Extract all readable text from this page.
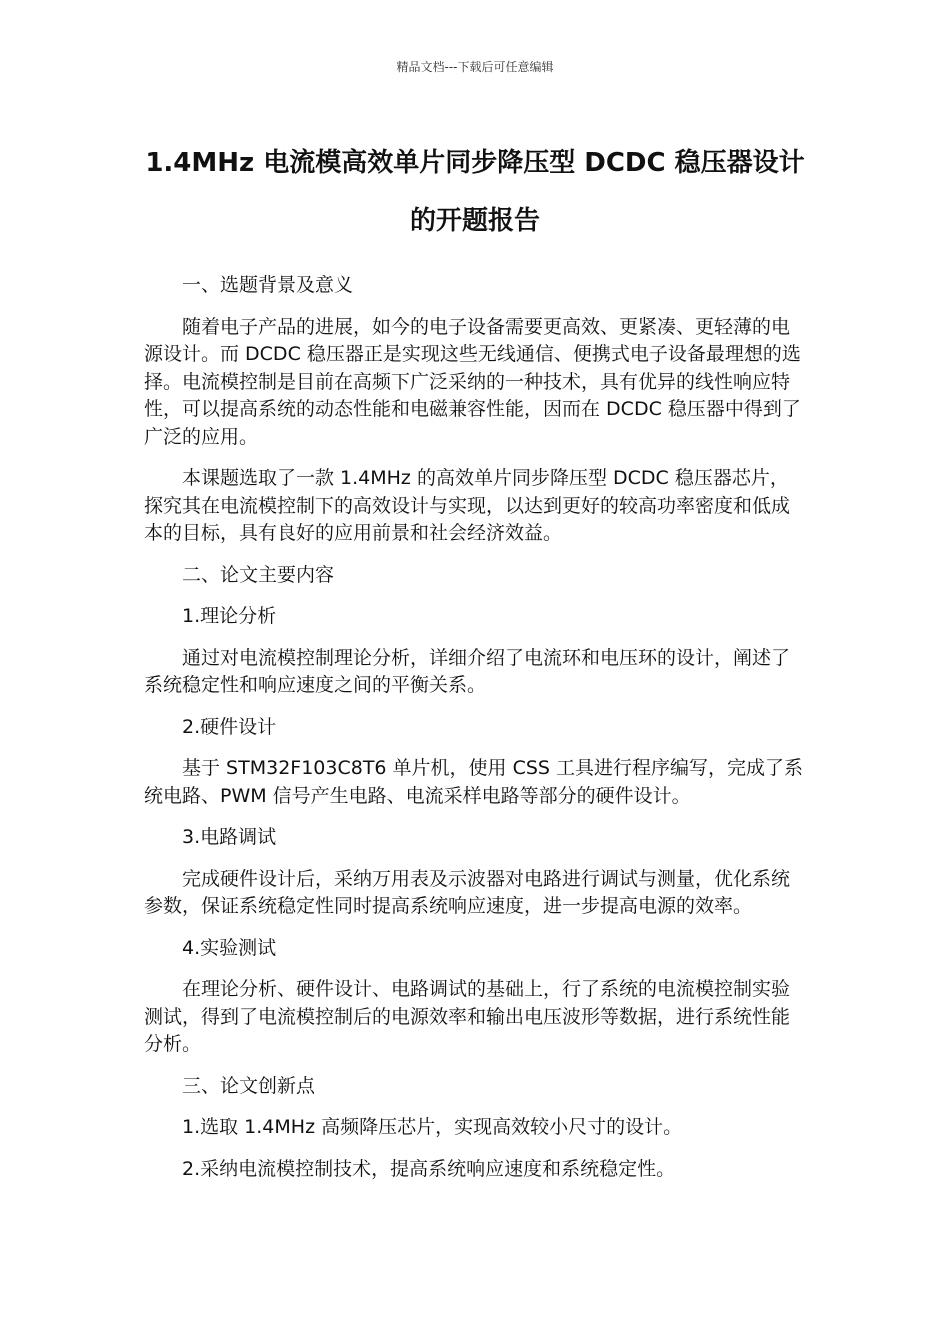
精品文档---下载后可任意编辑
1.4MHz 电流模高效单片同步降压型 DCDC 稳压器设计的开题报告
一、选题背景及意义
随着电子产品的进展，如今的电子设备需要更高效、更紧凑、更轻薄的电源设计。而 DCDC 稳压器正是实现这些无线通信、便携式电子设备最理想的选择。电流模控制是目前在高频下广泛采纳的一种技术，具有优异的线性响应特性，可以提高系统的动态性能和电磁兼容性能，因而在 DCDC 稳压器中得到了广泛的应用。
本课题选取了一款 1.4MHz 的高效单片同步降压型 DCDC 稳压器芯片，探究其在电流模控制下的高效设计与实现，以达到更好的较高功率密度和低成本的目标，具有良好的应用前景和社会经济效益。
二、论文主要内容
1.理论分析
通过对电流模控制理论分析，详细介绍了电流环和电压环的设计，阐述了系统稳定性和响应速度之间的平衡关系。
2.硬件设计
基于 STM32F103C8T6 单片机，使用 CSS 工具进行程序编写，完成了系统电路、PWM 信号产生电路、电流采样电路等部分的硬件设计。
3.电路调试
完成硬件设计后，采纳万用表及示波器对电路进行调试与测量，优化系统参数，保证系统稳定性同时提高系统响应速度，进一步提高电源的效率。
4.实验测试
在理论分析、硬件设计、电路调试的基础上，行了系统的电流模控制实验测试，得到了电流模控制后的电源效率和输出电压波形等数据，进行系统性能分析。
三、论文创新点
1.选取 1.4MHz 高频降压芯片，实现高效较小尺寸的设计。
2.采纳电流模控制技术，提高系统响应速度和系统稳定性。
